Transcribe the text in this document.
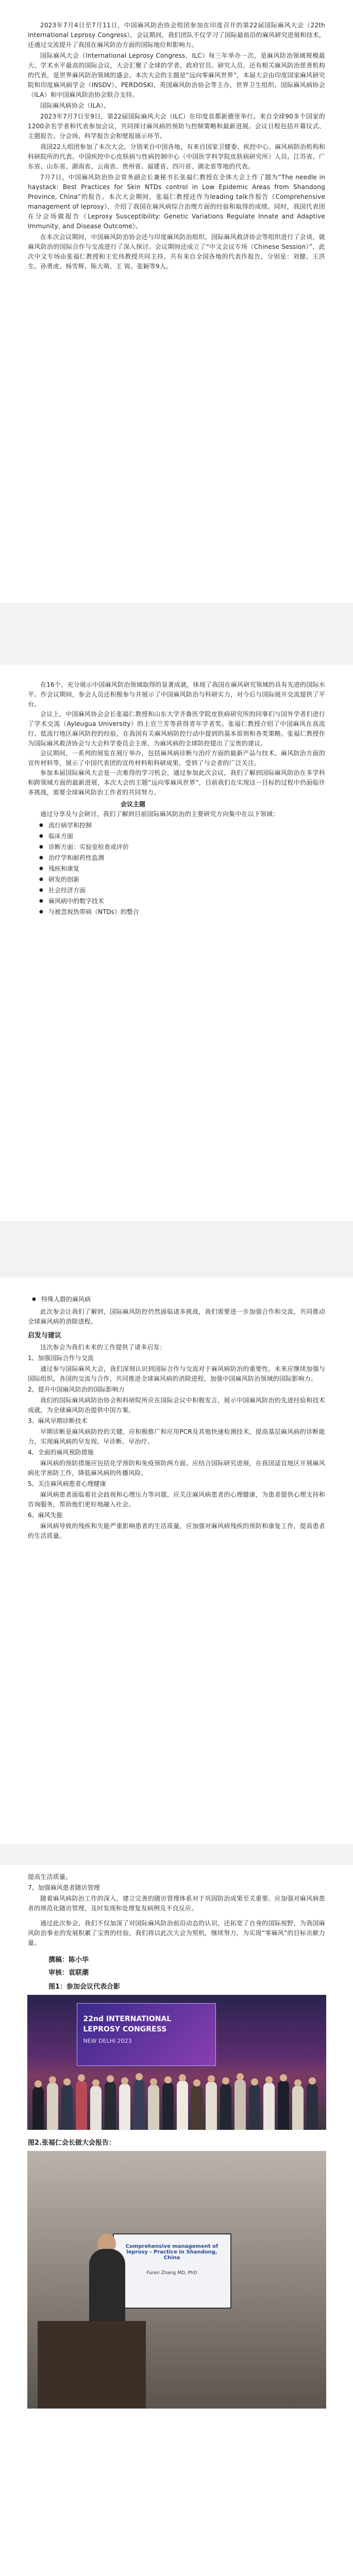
2023年7月4日至7月11日，中国麻风防治协会组团参加在印度召开的第22届国际麻风大会（22th International Leprosy Congress），会议期间，我们团队不仅学习了国际最前沿的麻风研究进展和技术，还通过交流提升了我国在麻风防治方面的国际地位和影响力。

国际麻风大会（International Leprosy Congress，ILC）每三年举办一次，是麻风防治领域规模最大、学术水平最高的国际会议，大会汇聚了全球的学者、政府官员、研究人员，还有相关麻风防治慈善机构的代表，是世界麻风防治领域的盛会。本次大会的主题是“远向零麻风世界”，本届大会由印度国家麻风研究院和印度麻风病学会（INSDV）、PERDOSKI、英国麻风防治协会等主办，世界卫生组织、国际麻风病协会（ILA）和中国麻风防治协会联合支持。

国际麻风病协会（ILA）。

2023年7月7日至9日，第22届国际麻风大会（ILC）在印度首都新德里举行。来自全球90多个国家的1200余名学者和代表参加会议，共同探讨麻风病的预防与控制策略和最新进展。会议日程包括开幕仪式、主题报告、分会场、科学报告会和壁报展示环节。

我国22人组团参加了本次大会，分别来自中国各地，有来自国家卫健委、疾控中心、麻风病防治机构和科研院所的代表。中国疾控中心皮肤病与性病控制中心（中国医学科学院皮肤病研究所）人员、江苏省、广东省、山东省、湖南省、云南省、贵州省、福建省、四川省、湖北省等地的代表。

7月7日，中国麻风防治协会常务副会长兼秘书长张福仁教授在全体大会上作了题为“The needle in haystack: Best Practices for Skin NTDs control in Low Epidemic Areas from Shandong Province, China”的报告。本次大会期间，张福仁教授还作为leading talk作报告《Comprehensive management of leprosy》，介绍了我国在麻风病综合治理方面的经验和取得的成绩。同时，我国代表团在分会场做报告《Leprosy Susceptibility: Genetic Variations Regulate Innate and Adaptive Immunity, and Disease Outcome》。

在本次会议期间，中国麻风防治协会还与印度麻风防治组织、国际麻风救济协会等组织进行了会谈，就麻风防治的国际合作与交流进行了深入探讨。会议期间还成立了“中文会议专场（Chinese Session）”，此次中文专场由张福仁教授和王宏伟教授共同主持，共有来自全国各地的代表作报告，分别是：刘健、王洪生、孙勇虎、杨雪辉、陈大萌、王 锐、张颖等9人。

在16个，充分展示中国麻风防治领域取得的显著成就，体现了我国在麻风研究领域的具有先进的国际水平。作会议期间，参会人员还积极参与并展示了中国麻风防治与科研实力，对今后与国际展开交流提供了平台。

会议上，中国麻风协会会长张福仁教授和山东大学齐鲁医学院皮肤病研究所的同事们与国外学者们进行了学术交流（Ayleugua University）的上官兰芳等获得青年学者奖。张福仁教授介绍了中国麻风在高流行、低流行地区麻风防控的经验，在我国有关麻风病防控行动中提到的基本原则和各类策略。张福仁教授作为国际麻风救济协会与大会科学委员会主席，为麻风病的全球防控提出了宝贵的建议。

会议期间，一系列的展览在展厅举办，包括麻风病诊断与治疗方面的最新产品与技术、麻风防治方面的宣传材料等，展示了中国代表团的宣传材料和科研成果，受到了与会者的广泛关注。

参加本届国际麻风大会是一次难得的学习机会，通过参加此次会议，我们了解到国际麻风防治在多学科和跨领域方面的最新进展，本次大会的主题“远向零麻风世界”，目前我们在实现这一目标的过程中仍面临许多挑战，需要全球麻风防治工作者的共同努力。

会议主题

通过分享及与会研讨，我们了解到目前国际麻风防治的主要研究方向集中在以下领域：

● 流行病学和控制
● 临床方面
● 诊断方面：实验室检查或评价
● 治疗学和耐药性监测
● 残疾和康复
● 研发的创新
● 社会经济方面
● 麻风病中的数字技术
● 与被忽视热带病（NTDs）的整合
● 特殊人群的麻风病

此次参会让我们了解到，国际麻风防控仍然面临诸多挑战，我们需要进一步加强合作和交流，共同推动全球麻风病的消除进程。

启发与建议

这次参会为我们未来的工作提供了诸多启发：

1、加强国际合作与交流

通过参与国际麻风大会，我们深刻认识到国际合作与交流对于麻风病防治的重要性。未来应继续加强与国际组织、各国的交流与合作，共同推进全球麻风病的消除进程，加强中国麻风防治领域的国际影响力。

2、提升中国麻风防治的国际影响力

我们的国际麻风病防治协会和科研院所应在国际会议中积极发言，展示中国麻风防治的先进经验和技术成就，为全球麻风防治提供中国方案。

3、麻风早期诊断技术

早期诊断是麻风病防控的关键，应积极推广和应用PCR及其他快速检测技术，提高基层麻风病的诊断能力，实现麻风病的早发现、早诊断、早治疗。

4、全面的麻风预防措施

麻风病的预防措施应包括化学预防和免疫预防两方面。应结合国际研究进展，在我国适宜地区开展麻风病化学预防工作，降低麻风病的传播风险。

5、关注麻风病患者心理健康

麻风病患者面临着社会歧视和心理压力等问题，应关注麻风病患者的心理健康，为患者提供心理支持和咨询服务，帮助他们更好地融入社会。

6、麻风失能

麻风病导致的残疾和失能严重影响患者的生活质量，应加强对麻风病残疾的预防和康复工作，提高患者的生活质量。

提高生活质量。

7、加强麻风患者随访管理

随着麻风病防治工作的深入，建立完善的随访管理体系对于巩固防治成果至关重要。应加强对麻风病患者的规范化随访管理，及时发现和处理复发病例及不良反应。

通过此次参会，我们不仅加深了对国际麻风防治前沿动态的认识，还拓宽了自身的国际视野，为我国麻风防治事业的发展积累了宝贵的经验。我们将以此次大会为契机，继续努力，为实现“零麻风”的目标贡献力量。

撰稿：陈小华
审核：袁联潮
图1：参加会议代表合影
22nd INTERNATIONAL
LEPROSY CONGRESS
NEW DELHI 2023
图2.张福仁会长做大会报告：
Comprehensive management of leprosy - Practice in Shandong, China
Furen Zhang MD, PhD
